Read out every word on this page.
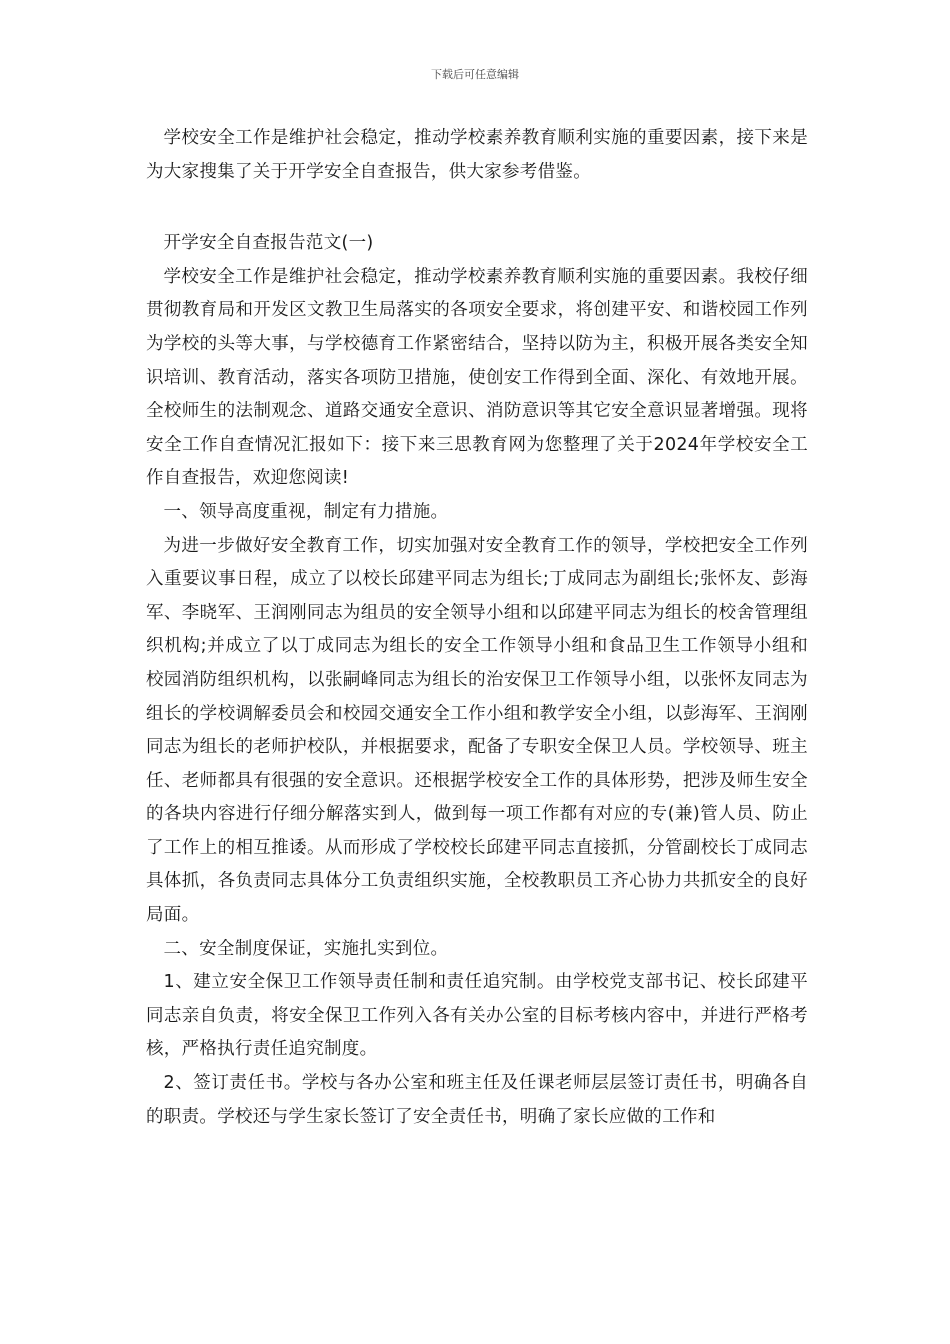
下载后可任意编辑

学校安全工作是维护社会稳定，推动学校素养教育顺利实施的重要因素，接下来是为大家搜集了关于开学安全自查报告，供大家参考借鉴。

开学安全自查报告范文(一)

学校安全工作是维护社会稳定，推动学校素养教育顺利实施的重要因素。我校仔细贯彻教育局和开发区文教卫生局落实的各项安全要求，将创建平安、和谐校园工作列为学校的头等大事，与学校德育工作紧密结合，坚持以防为主，积极开展各类安全知识培训、教育活动，落实各项防卫措施，使创安工作得到全面、深化、有效地开展。全校师生的法制观念、道路交通安全意识、消防意识等其它安全意识显著增强。现将安全工作自查情况汇报如下：接下来三思教育网为您整理了关于2024年学校安全工作自查报告，欢迎您阅读!

一、领导高度重视，制定有力措施。

为进一步做好安全教育工作，切实加强对安全教育工作的领导，学校把安全工作列入重要议事日程，成立了以校长邱建平同志为组长;丁成同志为副组长;张怀友、彭海军、李晓军、王润刚同志为组员的安全领导小组和以邱建平同志为组长的校舍管理组织机构;并成立了以丁成同志为组长的安全工作领导小组和食品卫生工作领导小组和校园消防组织机构，以张嗣峰同志为组长的治安保卫工作领导小组，以张怀友同志为组长的学校调解委员会和校园交通安全工作小组和教学安全小组，以彭海军、王润刚同志为组长的老师护校队，并根据要求，配备了专职安全保卫人员。学校领导、班主任、老师都具有很强的安全意识。还根据学校安全工作的具体形势，把涉及师生安全的各块内容进行仔细分解落实到人，做到每一项工作都有对应的专(兼)管人员、防止了工作上的相互推诿。从而形成了学校校长邱建平同志直接抓，分管副校长丁成同志具体抓，各负责同志具体分工负责组织实施，全校教职员工齐心协力共抓安全的良好局面。

二、安全制度保证，实施扎实到位。

1、建立安全保卫工作领导责任制和责任追究制。由学校党支部书记、校长邱建平同志亲自负责，将安全保卫工作列入各有关办公室的目标考核内容中，并进行严格考核，严格执行责任追究制度。

2、签订责任书。学校与各办公室和班主任及任课老师层层签订责任书，明确各自的职责。学校还与学生家长签订了安全责任书，明确了家长应做的工作和
